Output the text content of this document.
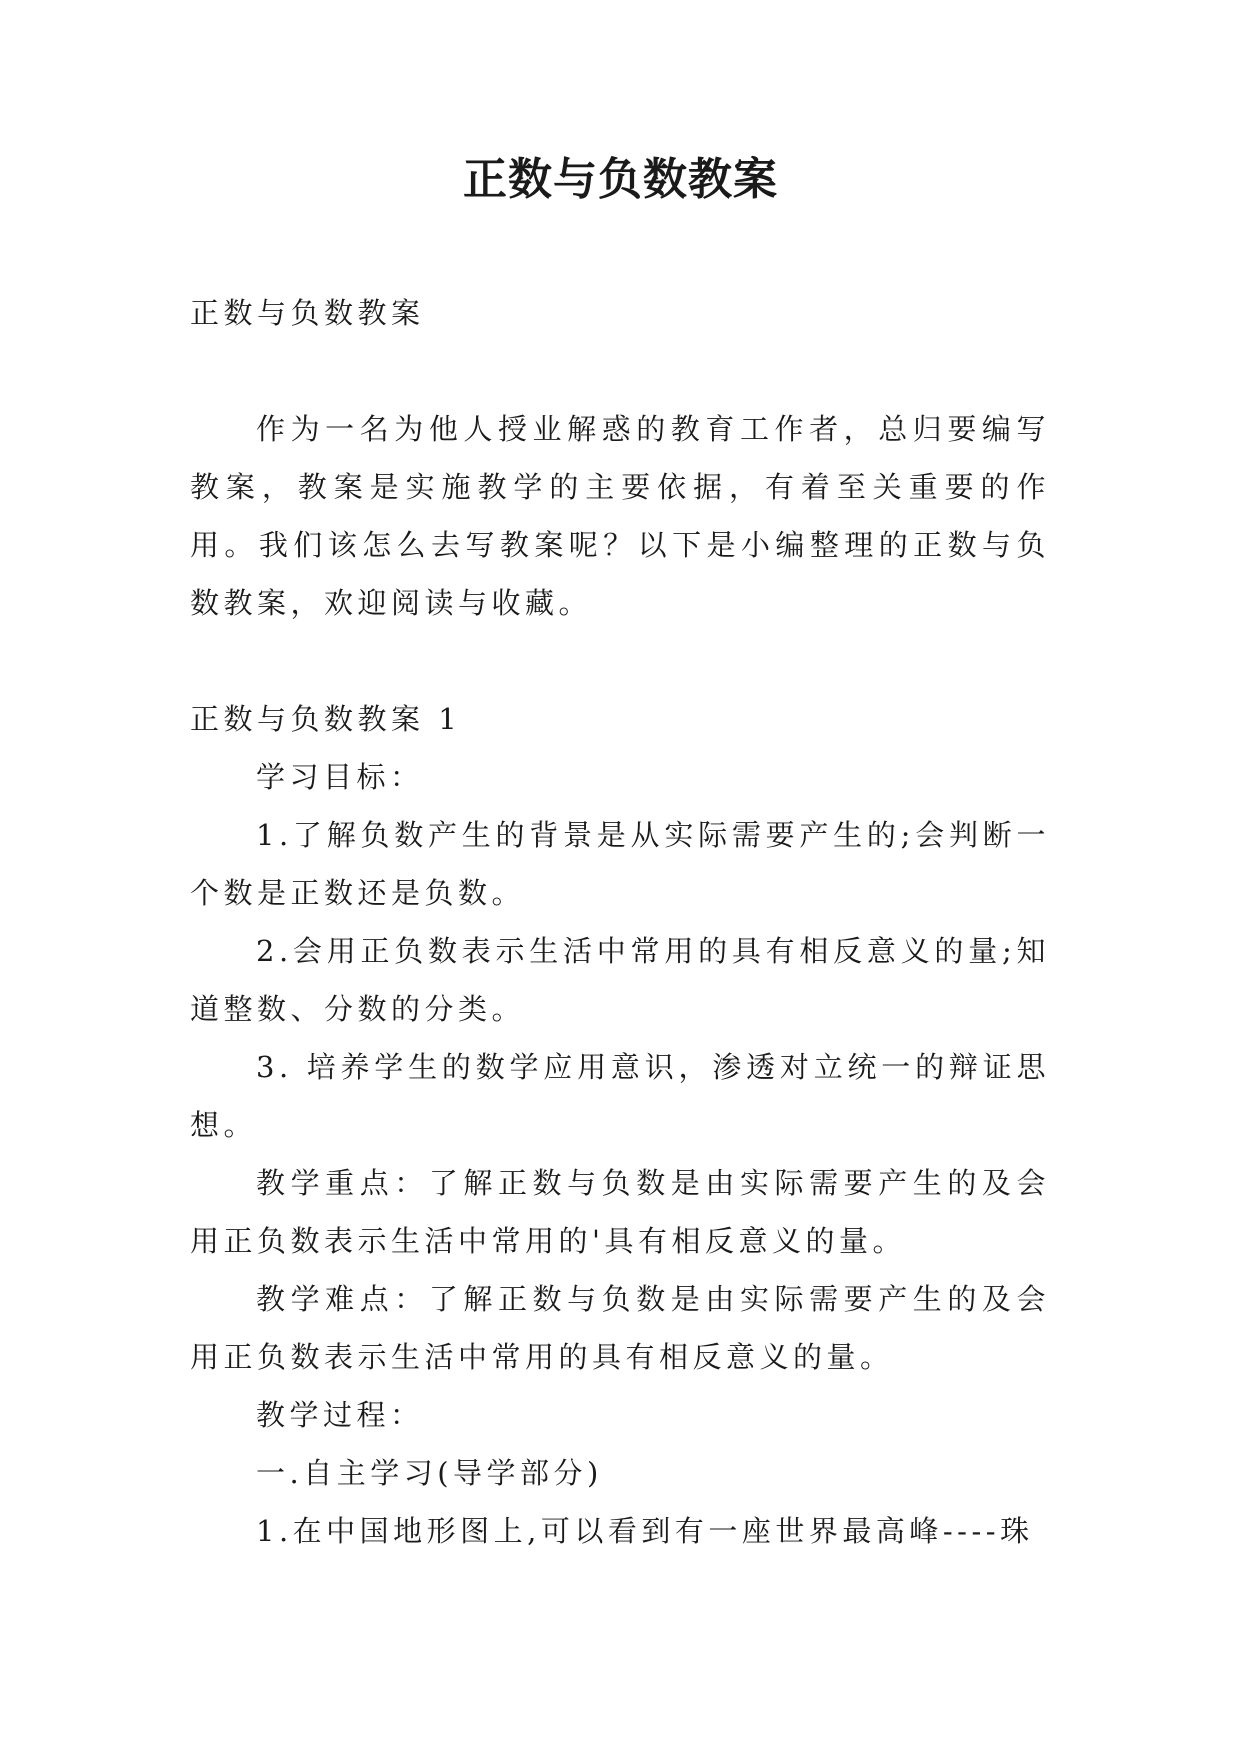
正数与负数教案

正数与负数教案

作为一名为他人授业解惑的教育工作者，总归要编写教案，教案是实施教学的主要依据，有着至关重要的作用。我们该怎么去写教案呢？以下是小编整理的正数与负数教案，欢迎阅读与收藏。

正数与负数教案 1

学习目标：

1.了解负数产生的背景是从实际需要产生的;会判断一个数是正数还是负数。

2.会用正负数表示生活中常用的具有相反意义的量;知道整数、分数的分类。

3. 培养学生的数学应用意识，渗透对立统一的辩证思想。

教学重点：了解正数与负数是由实际需要产生的及会用正负数表示生活中常用的'具有相反意义的量。

教学难点：了解正数与负数是由实际需要产生的及会用正负数表示生活中常用的具有相反意义的量。

教学过程：

一.自主学习(导学部分)

1.在中国地形图上,可以看到有一座世界最高峰----珠
